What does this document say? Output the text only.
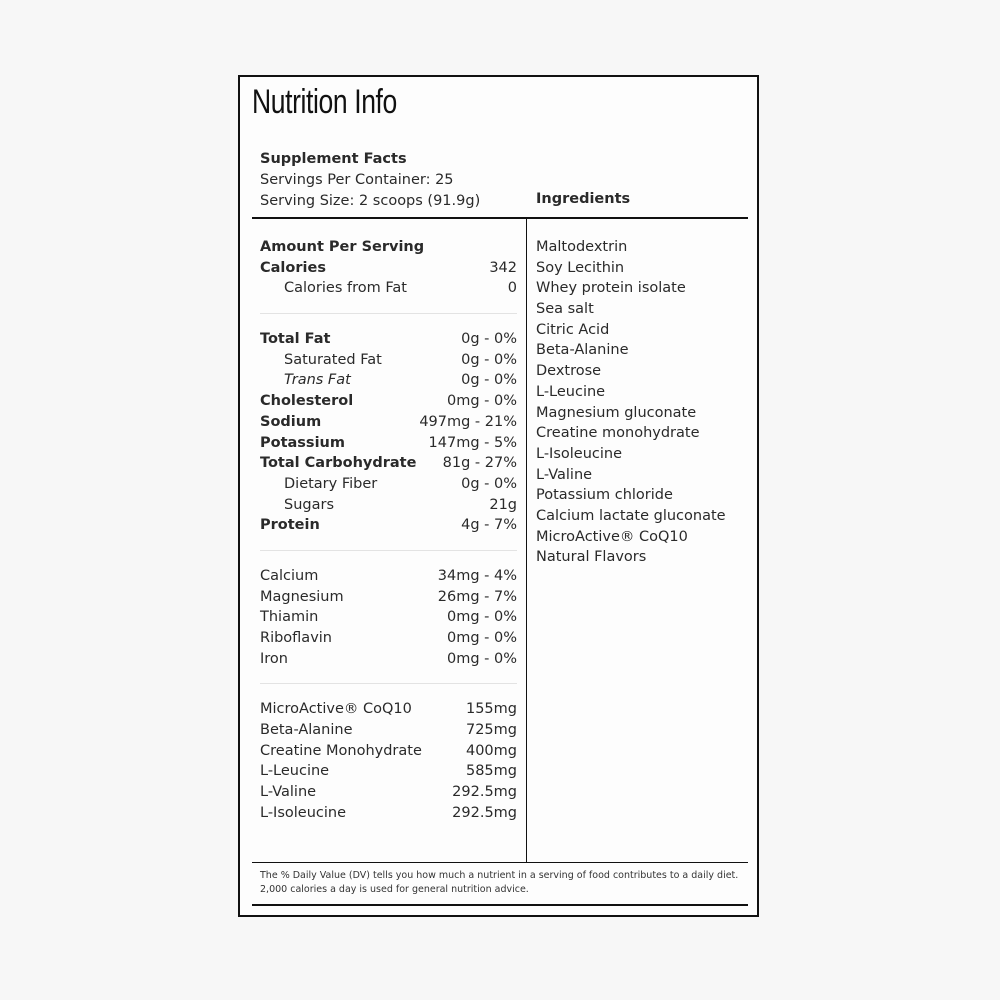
Nutrition Info
Supplement Facts
Servings Per Container: 25
Serving Size: 2 scoops (91.9g)	Ingredients
Amount Per Serving
Calories	342
Calories from Fat	0
Total Fat	0g - 0%
Saturated Fat	0g - 0%
Trans Fat	0g - 0%
Cholesterol	0mg - 0%
Sodium	497mg - 21%
Potassium	147mg - 5%
Total Carbohydrate 81g - 27%
Dietary Fiber	0g - 0%
Sugars	21g
Protein	4g - 7%
Calcium	34mg - 4%
Magnesium	26mg - 7%
Thiamin	0mg - 0%
Riboflavin	0mg - 0%
Iron	0mg - 0%
MicroActive® CoQ10	155mg
Beta-Alanine	725mg
Creatine Monohydrate	400mg
L-Leucine	585mg
L-Valine	292.5mg
L-Isoleucine	292.5mg
Maltodextrin
Soy Lecithin
Whey protein isolate
Sea salt
Citric Acid
Beta-Alanine
Dextrose
L-Leucine
Magnesium gluconate
Creatine monohydrate
L-Isoleucine
L-Valine
Potassium chloride
Calcium lactate gluconate
MicroActive® CoQ10
Natural Flavors
The % Daily Value (DV) tells you how much a nutrient in a serving of food contributes to a daily diet.
2,000 calories a day is used for general nutrition advice.
